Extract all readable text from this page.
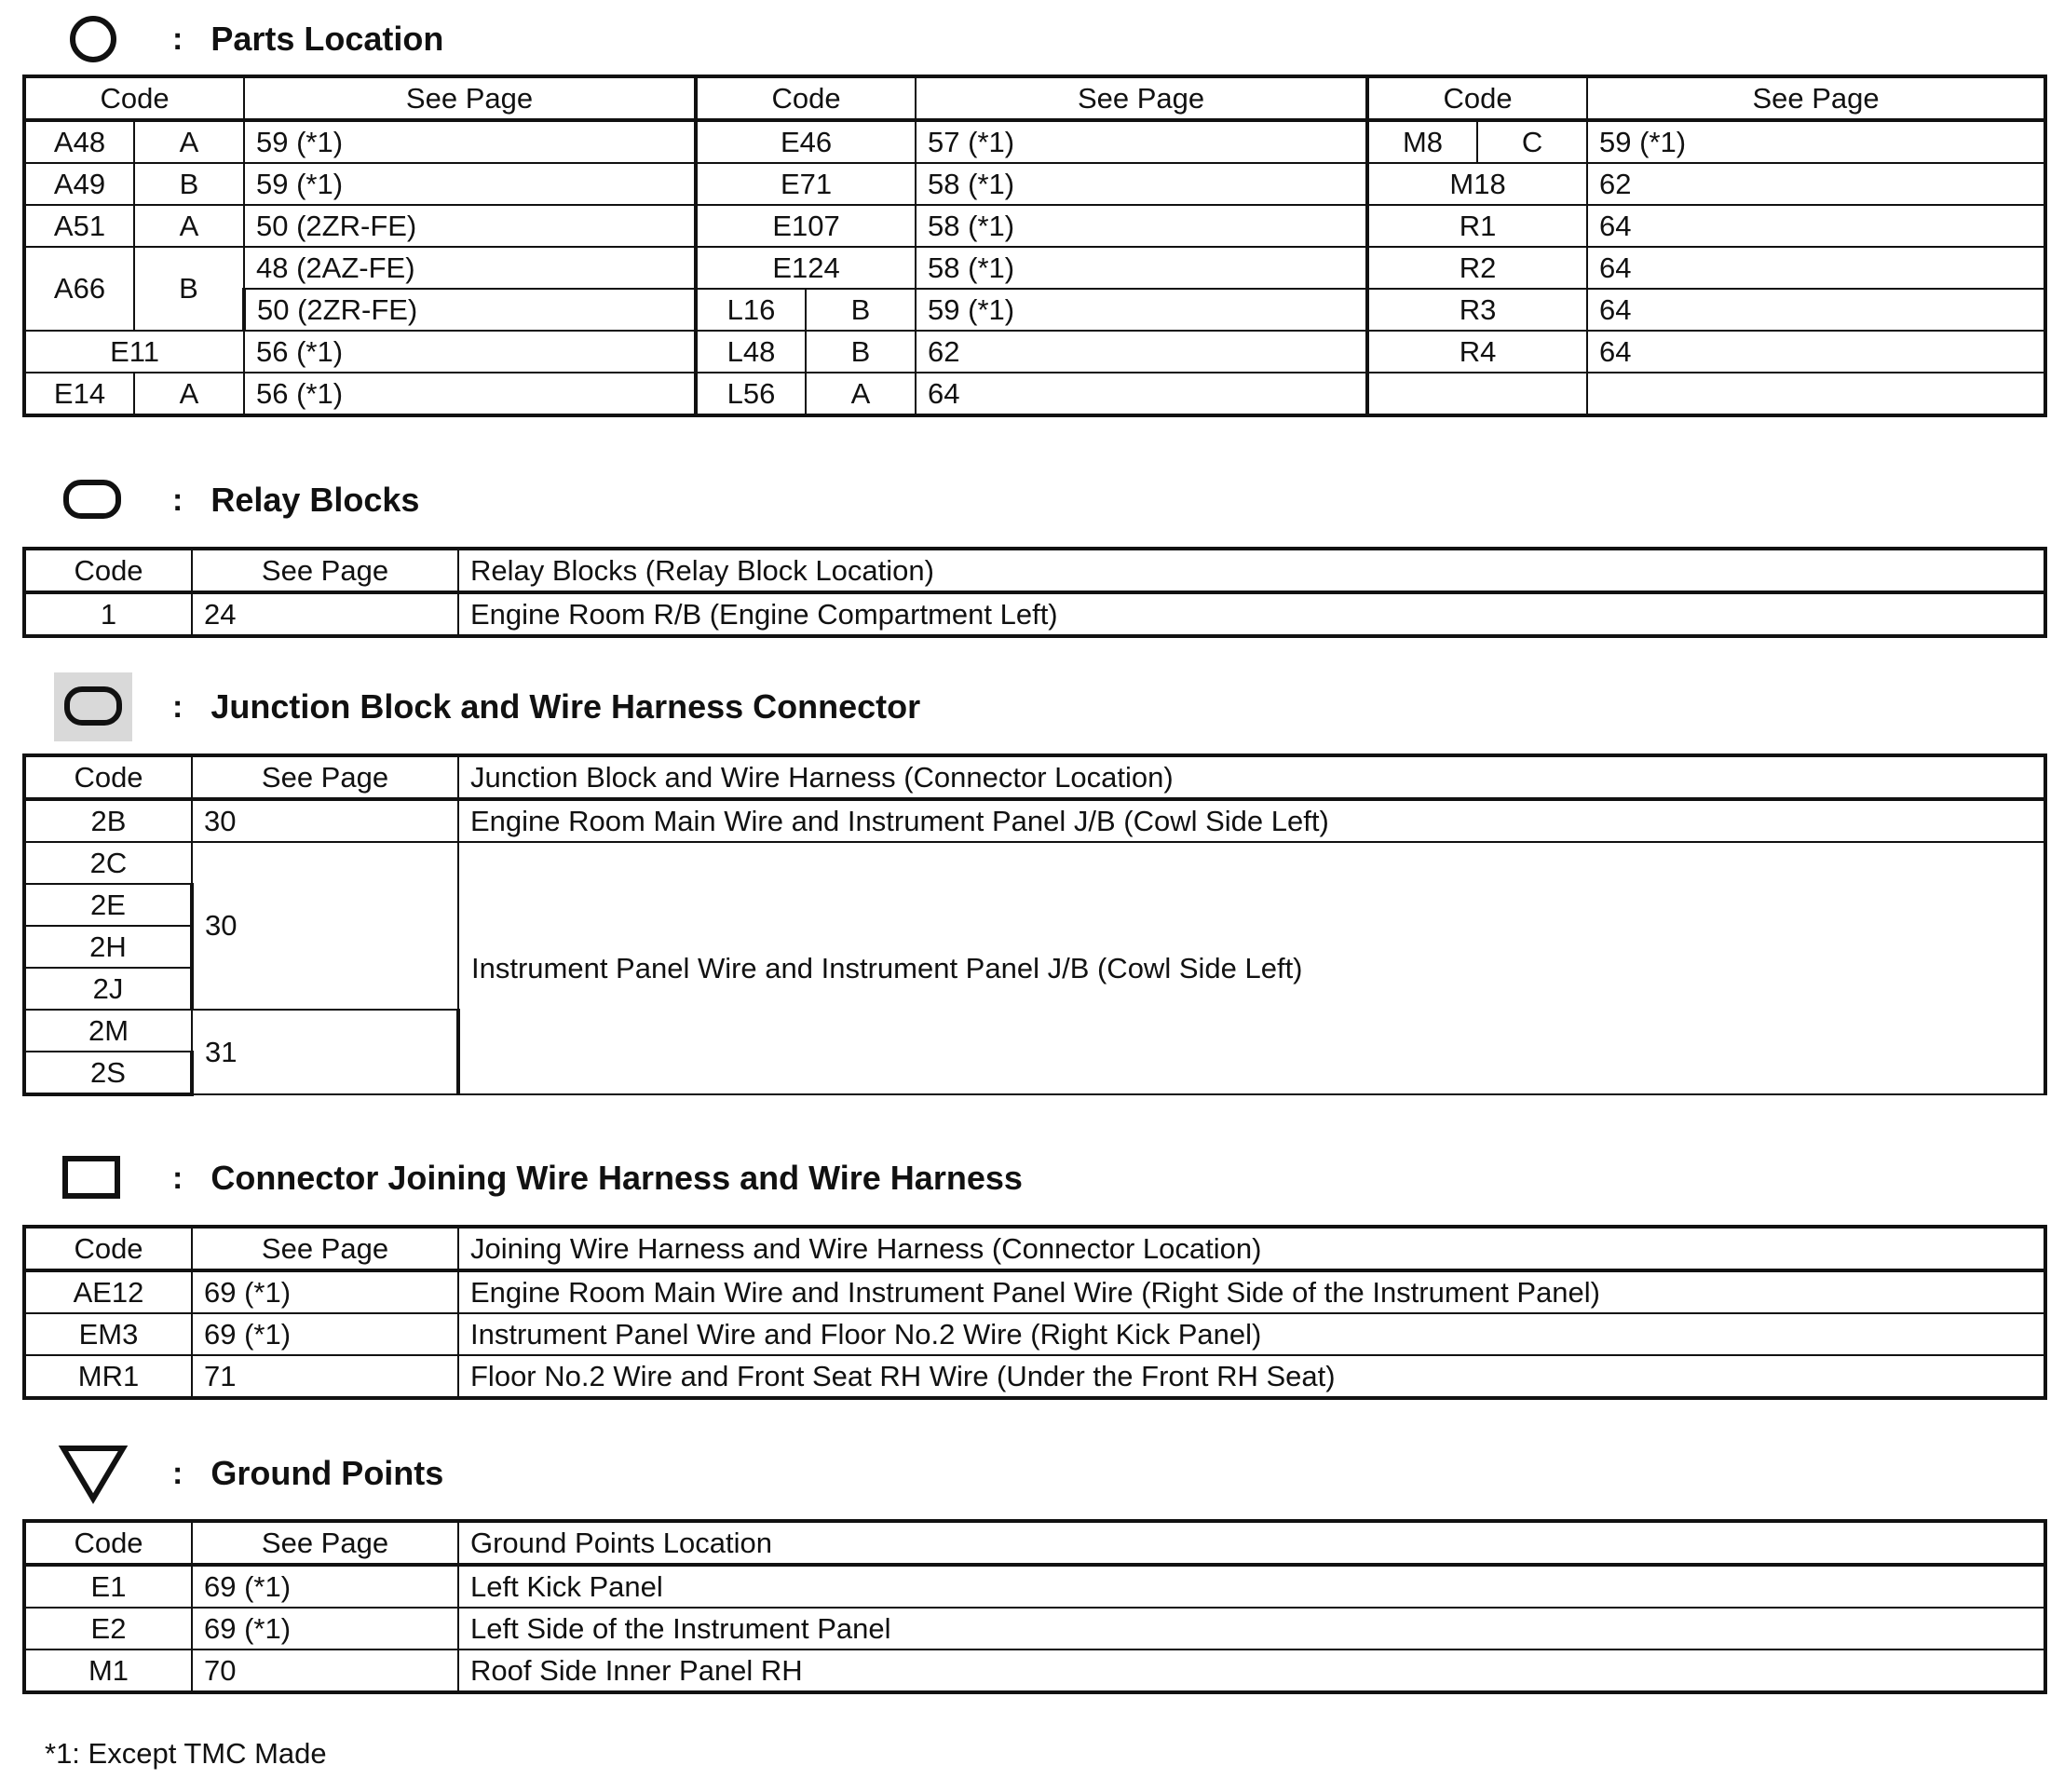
: Parts Location
Code		See Page	Code		See Page	Code		See Page
A48	A	59 (*1)	E46		57 (*1)	M8	C	59 (*1)
A49	B	59 (*1)	E71		58 (*1)	M18		62
A51	A	50 (2ZR-FE)	E107		58 (*1)	R1		64
A66	B	48 (2AZ-FE)	E124		58 (*1)	R2		64
		50 (2ZR-FE)	L16	B	59 (*1)	R3		64
E11		56 (*1)	L48	B	62	R4		64
E14	A	56 (*1)	L56	A	64			
: Relay Blocks
Code	See Page	Relay Blocks (Relay Block Location)
1	24	Engine Room R/B (Engine Compartment Left)
: Junction Block and Wire Harness Connector
Code	See Page	Junction Block and Wire Harness (Connector Location)
2B	30	Engine Room Main Wire and Instrument Panel J/B (Cowl Side Left)
2C	30	Instrument Panel Wire and Instrument Panel J/B (Cowl Side Left)
2E		
2H		
2J		
2M	31	
2S		
: Connector Joining Wire Harness and Wire Harness
Code	See Page	Joining Wire Harness and Wire Harness (Connector Location)
AE12	69 (*1)	Engine Room Main Wire and Instrument Panel Wire (Right Side of the Instrument Panel)
EM3	69 (*1)	Instrument Panel Wire and Floor No.2 Wire (Right Kick Panel)
MR1	71	Floor No.2 Wire and Front Seat RH Wire (Under the Front RH Seat)
: Ground Points
Code	See Page	Ground Points Location
E1	69 (*1)	Left Kick Panel
E2	69 (*1)	Left Side of the Instrument Panel
M1	70	Roof Side Inner Panel RH
*1: Except TMC Made
